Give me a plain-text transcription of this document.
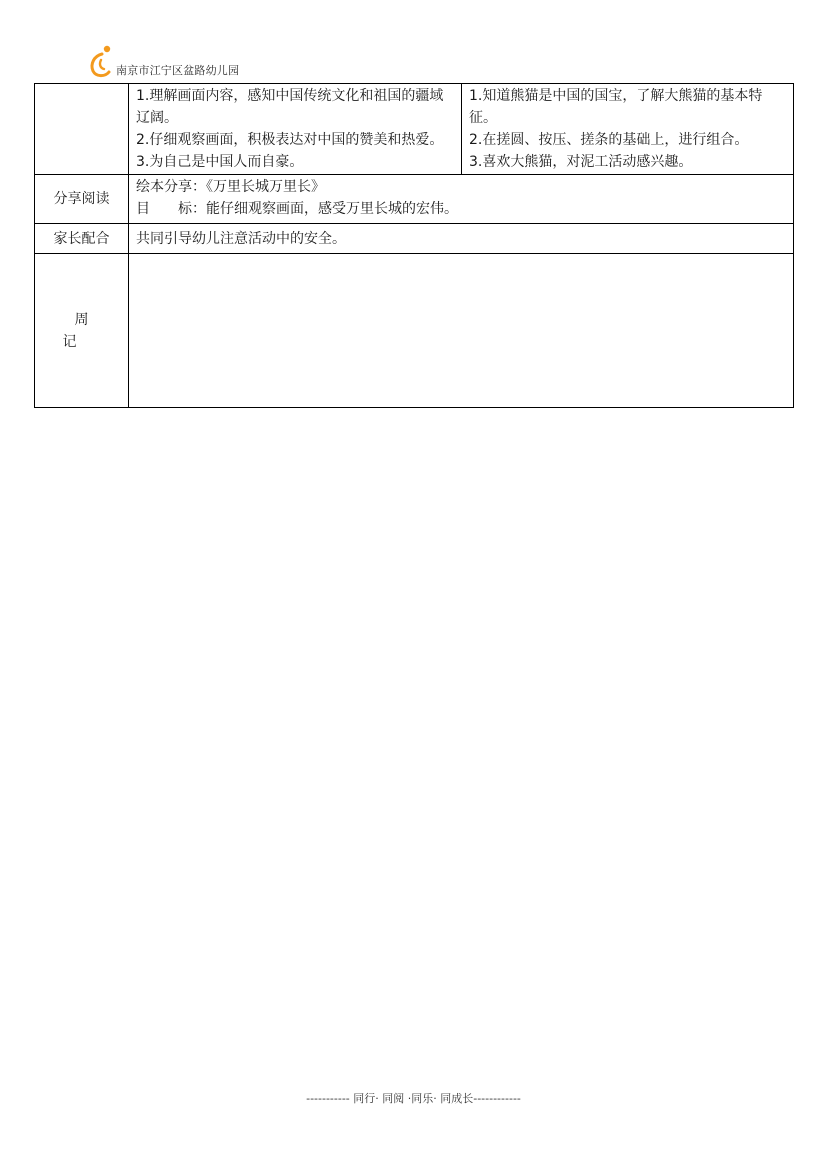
南京市江宁区盆路幼儿园

	1.理解画面内容，感知中国传统文化和祖国的疆域辽阔。
2.仔细观察画面，积极表达对中国的赞美和热爱。
3.为自己是中国人而自豪。	1.知道熊猫是中国的国宝，了解大熊猫的基本特征。
2.在搓圆、按压、搓条的基础上，进行组合。
3.喜欢大熊猫，对泥工活动感兴趣。

分享阅读	绘本分享：《万里长城万里长》
目　　标：能仔细观察画面，感受万里长城的宏伟。	

家长配合	共同引导幼儿注意活动中的安全。	
周记		
----------- 同行· 同阅 ·同乐· 同成长------------
